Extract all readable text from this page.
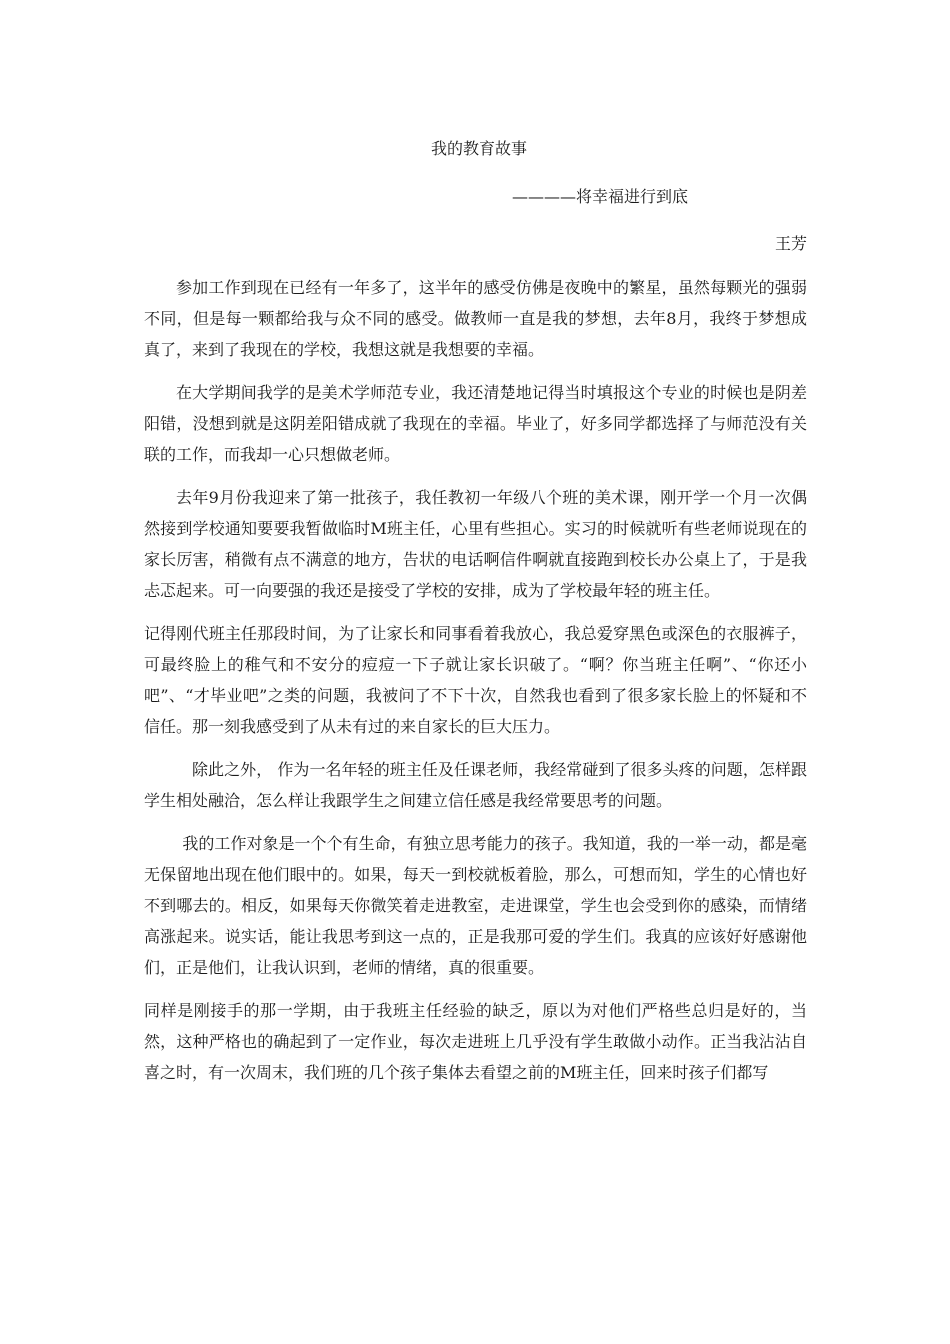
我的教育故事
————将幸福进行到底
王芳

参加工作到现在已经有一年多了，这半年的感受仿佛是夜晚中的繁星，虽然每颗光的强弱不同，但是每一颗都给我与众不同的感受。做教师一直是我的梦想，去年8月，我终于梦想成真了，来到了我现在的学校，我想这就是我想要的幸福。

在大学期间我学的是美术学师范专业，我还清楚地记得当时填报这个专业的时候也是阴差阳错，没想到就是这阴差阳错成就了我现在的幸福。毕业了，好多同学都选择了与师范没有关联的工作，而我却一心只想做老师。

去年9月份我迎来了第一批孩子，我任教初一年级八个班的美术课，刚开学一个月一次偶然接到学校通知要要我暂做临时M班主任，心里有些担心。实习的时候就听有些老师说现在的家长厉害，稍微有点不满意的地方，告状的电话啊信件啊就直接跑到校长办公桌上了，于是我忐忑起来。可一向要强的我还是接受了学校的安排，成为了学校最年轻的班主任。

记得刚代班主任那段时间，为了让家长和同事看着我放心，我总爱穿黑色或深色的衣服裤子，可最终脸上的稚气和不安分的痘痘一下子就让家长识破了。“啊？你当班主任啊”、“你还小吧”、“才毕业吧”之类的问题，我被问了不下十次，自然我也看到了很多家长脸上的怀疑和不信任。那一刻我感受到了从未有过的来自家长的巨大压力。

除此之外， 作为一名年轻的班主任及任课老师，我经常碰到了很多头疼的问题，怎样跟学生相处融洽，怎么样让我跟学生之间建立信任感是我经常要思考的问题。

我的工作对象是一个个有生命，有独立思考能力的孩子。我知道，我的一举一动，都是毫无保留地出现在他们眼中的。如果，每天一到校就板着脸，那么，可想而知，学生的心情也好不到哪去的。相反，如果每天你微笑着走进教室，走进课堂，学生也会受到你的感染，而情绪高涨起来。说实话，能让我思考到这一点的，正是我那可爱的学生们。我真的应该好好感谢他们，正是他们，让我认识到，老师的情绪，真的很重要。

同样是刚接手的那一学期，由于我班主任经验的缺乏，原以为对他们严格些总归是好的，当然，这种严格也的确起到了一定作业，每次走进班上几乎没有学生敢做小动作。正当我沾沾自喜之时，有一次周末，我们班的几个孩子集体去看望之前的M班主任，回来时孩子们都写
